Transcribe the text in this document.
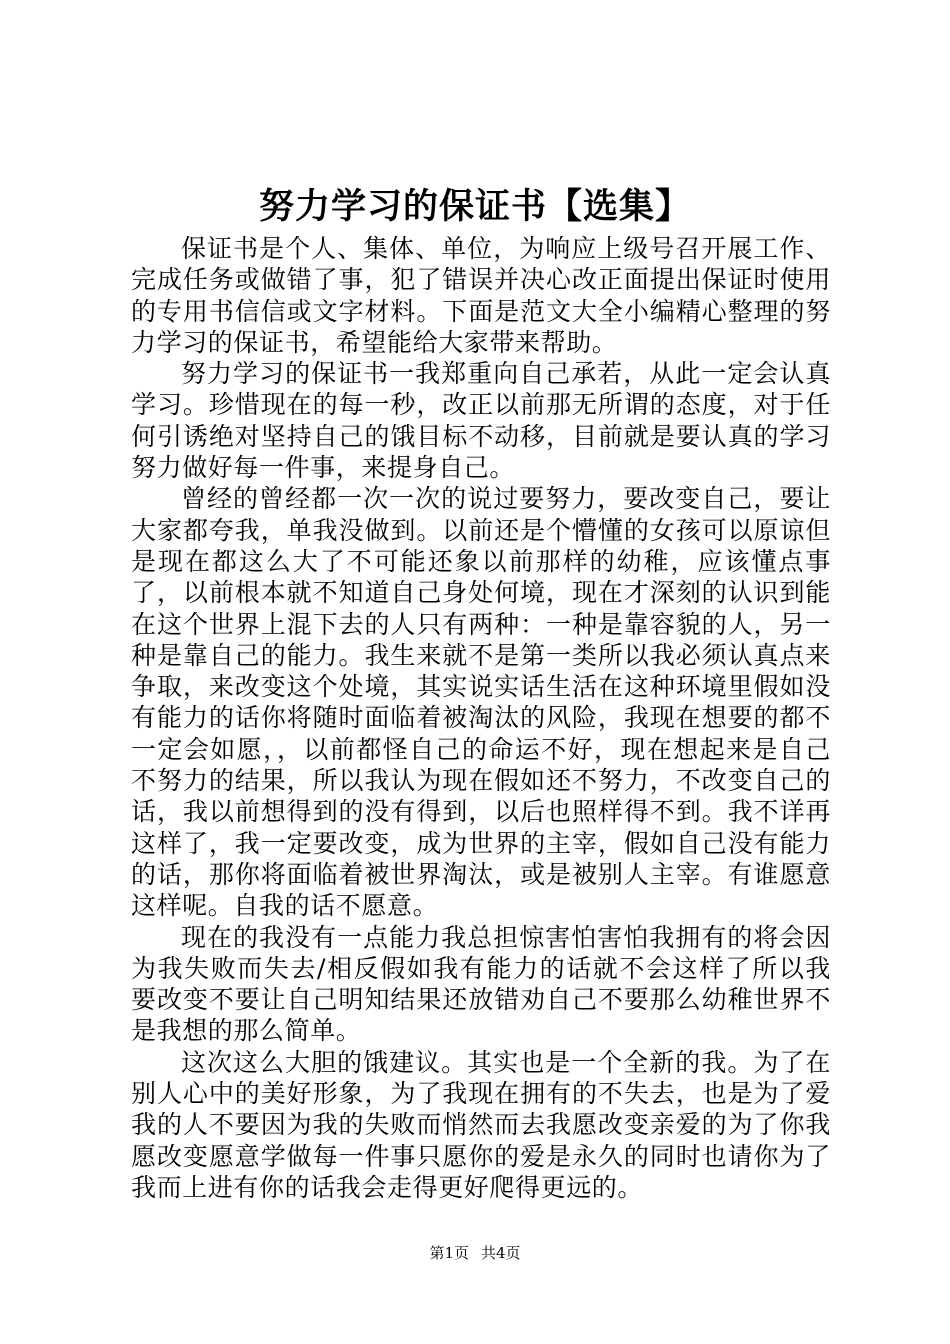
努力学习的保证书【选集】

保证书是个人、集体、单位，为响应上级号召开展工作、完成任务或做错了事，犯了错误并决心改正面提出保证时使用的专用书信信或文字材料。下面是范文大全小编精心整理的努力学习的保证书，希望能给大家带来帮助。

努力学习的保证书一我郑重向自己承若，从此一定会认真学习。珍惜现在的每一秒，改正以前那无所谓的态度，对于任何引诱绝对坚持自己的饿目标不动移，目前就是要认真的学习努力做好每一件事，来提身自己。

曾经的曾经都一次一次的说过要努力，要改变自己，要让大家都夸我，单我没做到。以前还是个懵懂的女孩可以原谅但是现在都这么大了不可能还象以前那样的幼稚，应该懂点事了，以前根本就不知道自己身处何境，现在才深刻的认识到能在这个世界上混下去的人只有两种：一种是靠容貌的人，另一种是靠自己的能力。我生来就不是第一类所以我必须认真点来争取，来改变这个处境，其实说实话生活在这种环境里假如没有能力的话你将随时面临着被淘汰的风险，我现在想要的都不一定会如愿，，以前都怪自己的命运不好，现在想起来是自己不努力的结果，所以我认为现在假如还不努力，不改变自己的话，我以前想得到的没有得到，以后也照样得不到。我不详再这样了，我一定要改变，成为世界的主宰，假如自己没有能力的话，那你将面临着被世界淘汰，或是被别人主宰。有谁愿意这样呢。自我的话不愿意。

现在的我没有一点能力我总担惊害怕害怕我拥有的将会因为我失败而失去/相反假如我有能力的话就不会这样了所以我要改变不要让自己明知结果还放错劝自己不要那么幼稚世界不是我想的那么简单。

这次这么大胆的饿建议。其实也是一个全新的我。为了在别人心中的美好形象，为了我现在拥有的不失去，也是为了爱我的人不要因为我的失败而悄然而去我愿改变亲爱的为了你我愿改变愿意学做每一件事只愿你的爱是永久的同时也请你为了我而上进有你的话我会走得更好爬得更远的。

第1页 共4页
